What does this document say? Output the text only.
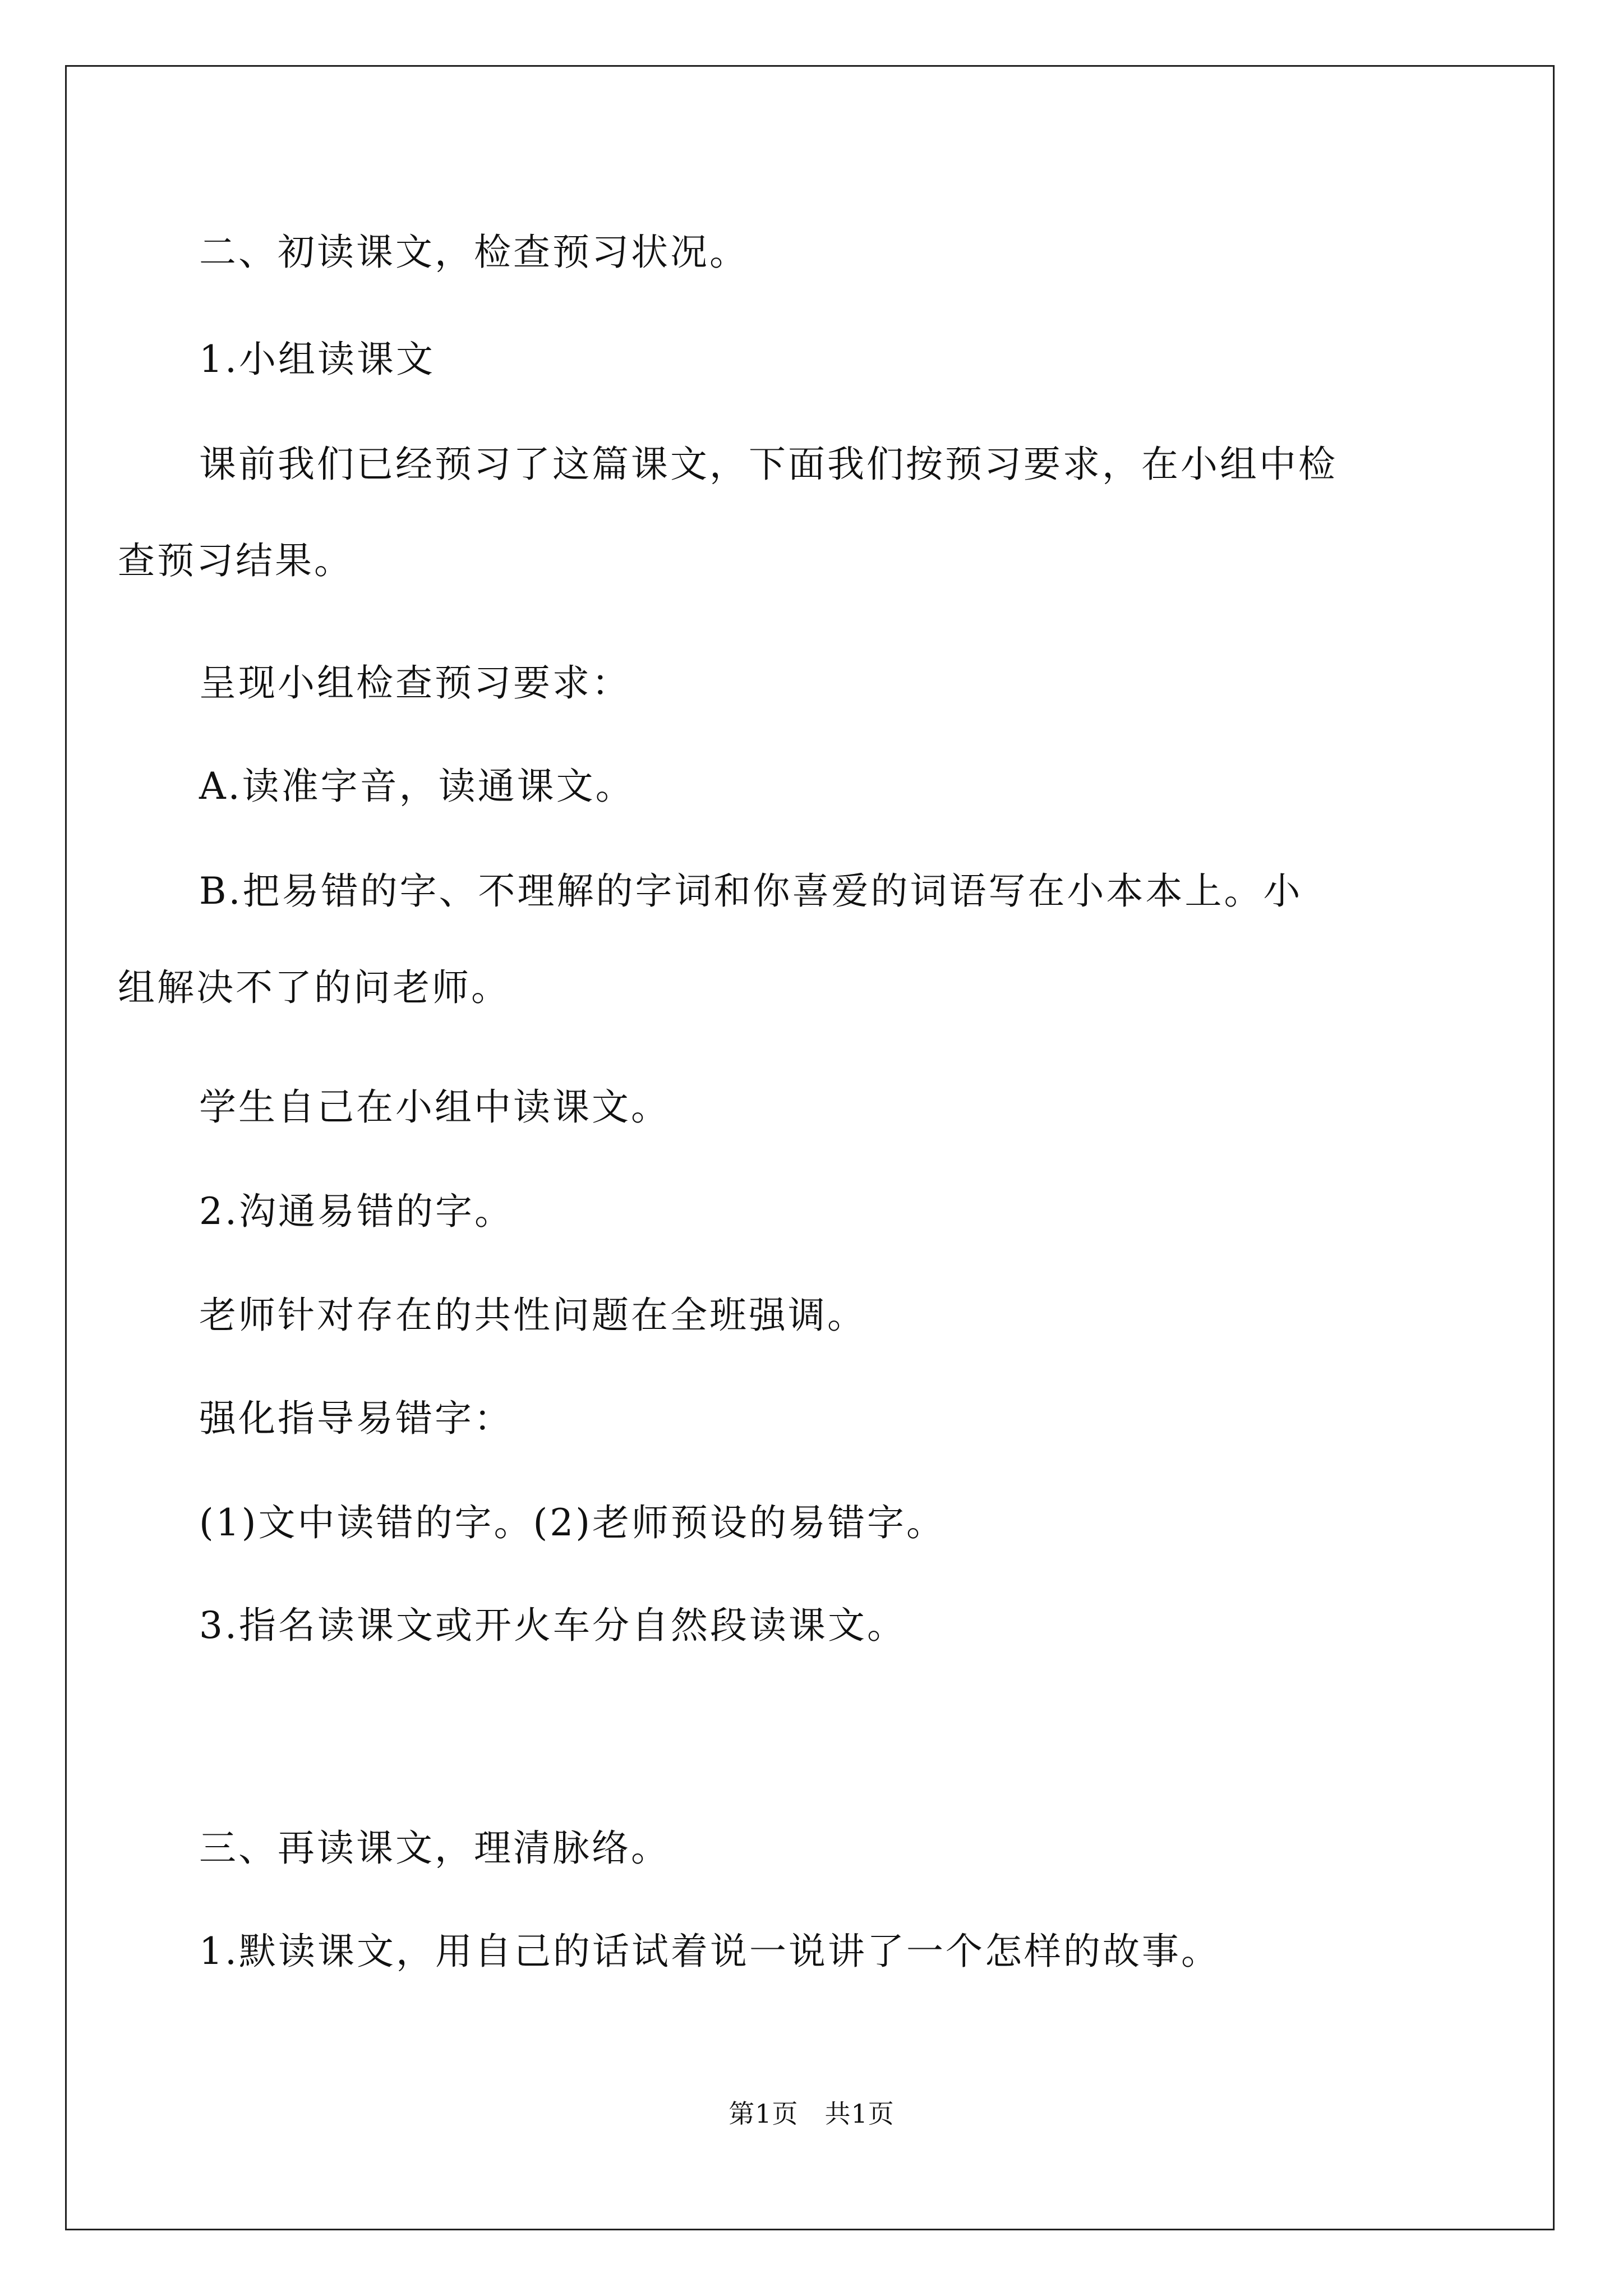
二、初读课文，检查预习状况。
1.小组读课文
课前我们已经预习了这篇课文，下面我们按预习要求，在小组中检查预习结果。
呈现小组检查预习要求：
A.读准字音，读通课文。
B.把易错的字、不理解的字词和你喜爱的词语写在小本本上。小组解决不了的问老师。
学生自己在小组中读课文。
2.沟通易错的字。
老师针对存在的共性问题在全班强调。
强化指导易错字：
(1)文中读错的字。(2)老师预设的易错字。
3.指名读课文或开火车分自然段读课文。
三、再读课文，理清脉络。
1.默读课文，用自己的话试着说一说讲了一个怎样的故事。
第1页　共1页
